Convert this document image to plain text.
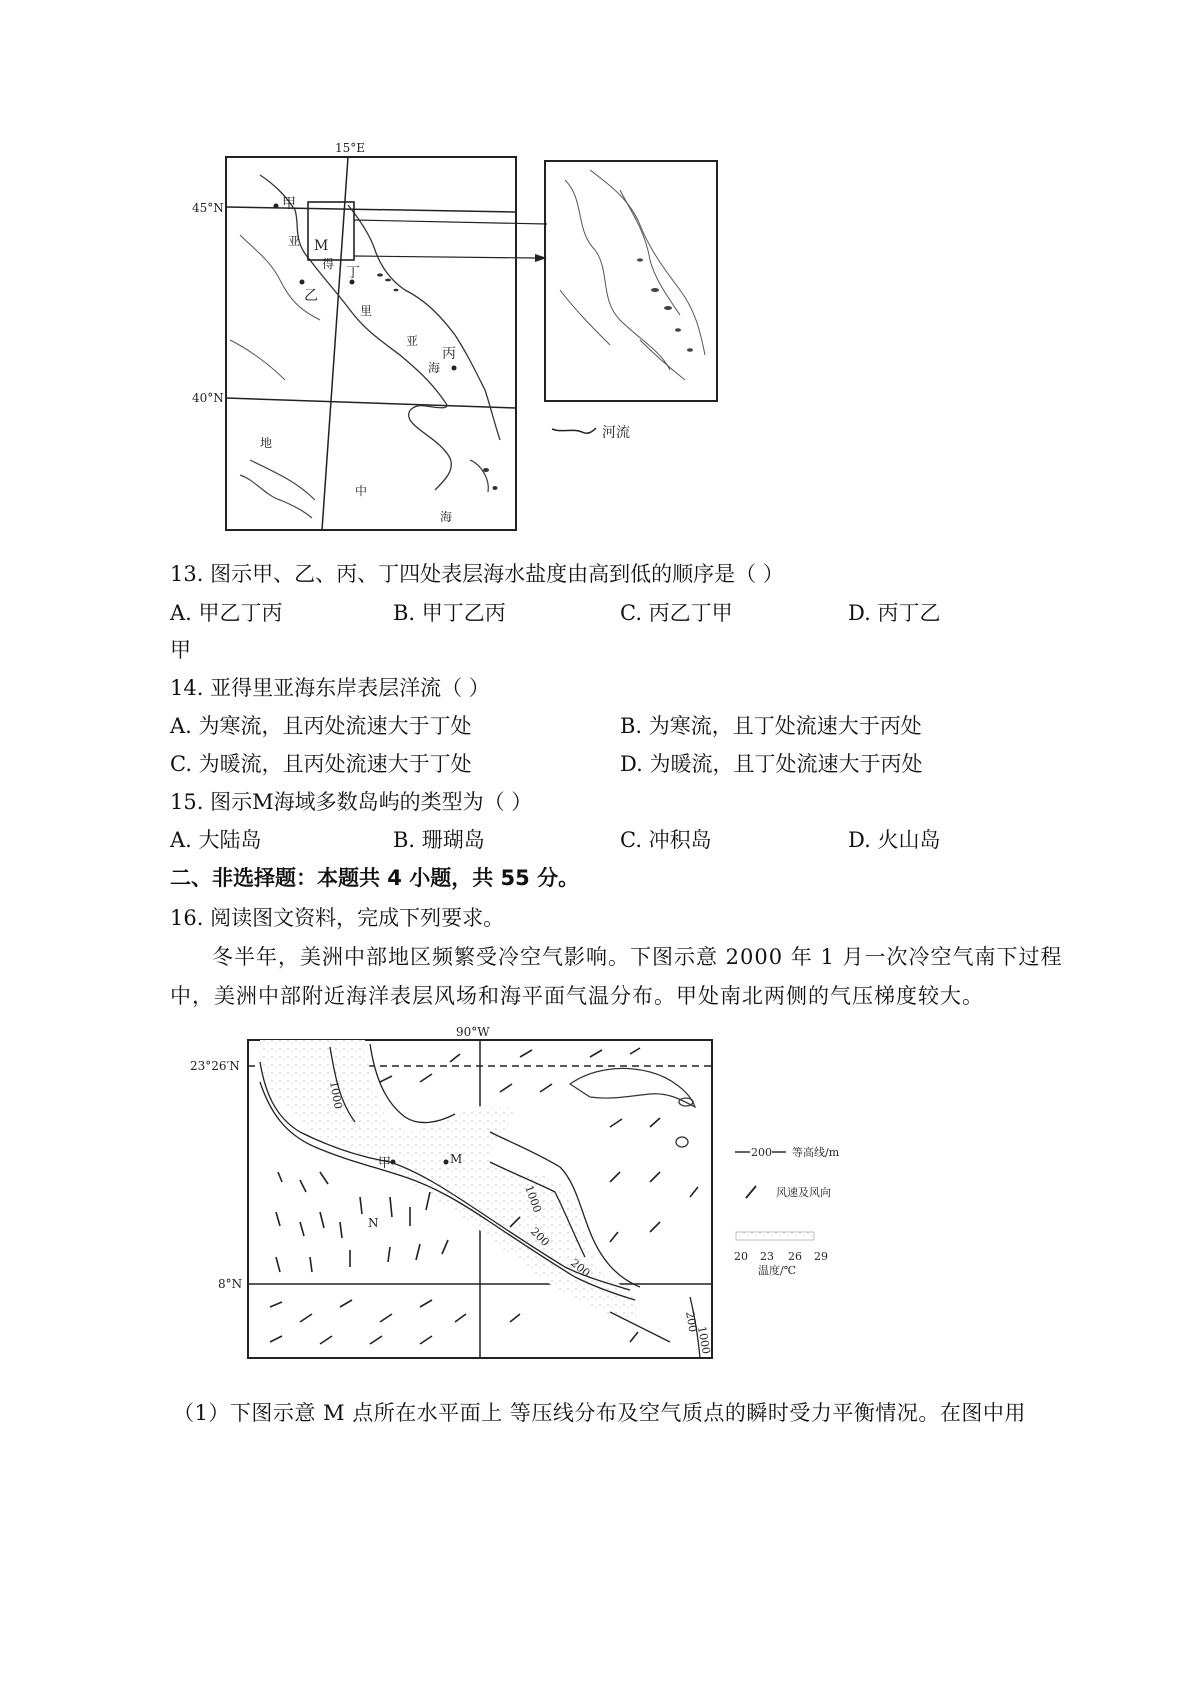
15°E
45°N
40°N
甲
M
乙
丁
丙
亚
得
里
亚
海
地
中
海
河流
13. 图示甲、乙、丙、丁四处表层海水盐度由高到低的顺序是（ ）
A. 甲乙丁丙	B. 甲丁乙丙	C. 丙乙丁甲	D. 丙丁乙
甲
14. 亚得里亚海东岸表层洋流（ ）
A. 为寒流，且丙处流速大于丁处	B. 为寒流，且丁处流速大于丙处
C. 为暖流，且丙处流速大于丁处	D. 为暖流，且丁处流速大于丙处
15. 图示M海域多数岛屿的类型为（ ）
A. 大陆岛	B. 珊瑚岛	C. 冲积岛	D. 火山岛
二、非选择题：本题共 4 小题，共 55 分。
16. 阅读图文资料，完成下列要求。
冬半年，美洲中部地区频繁受冷空气影响。下图示意 2000 年 1 月一次冷空气南下过程
中，美洲中部附近海洋表层风场和海平面气温分布。甲处南北两侧的气压梯度较大。
90°W
23°26′N
8°N
1000
1000
200
200
200
1000
甲	M
N
200 等高线/m
风速及风向
20 23 26 29
温度/℃
（1）下图示意 M 点所在水平面上 等压线分布及空气质点的瞬时受力平衡情况。在图中用
